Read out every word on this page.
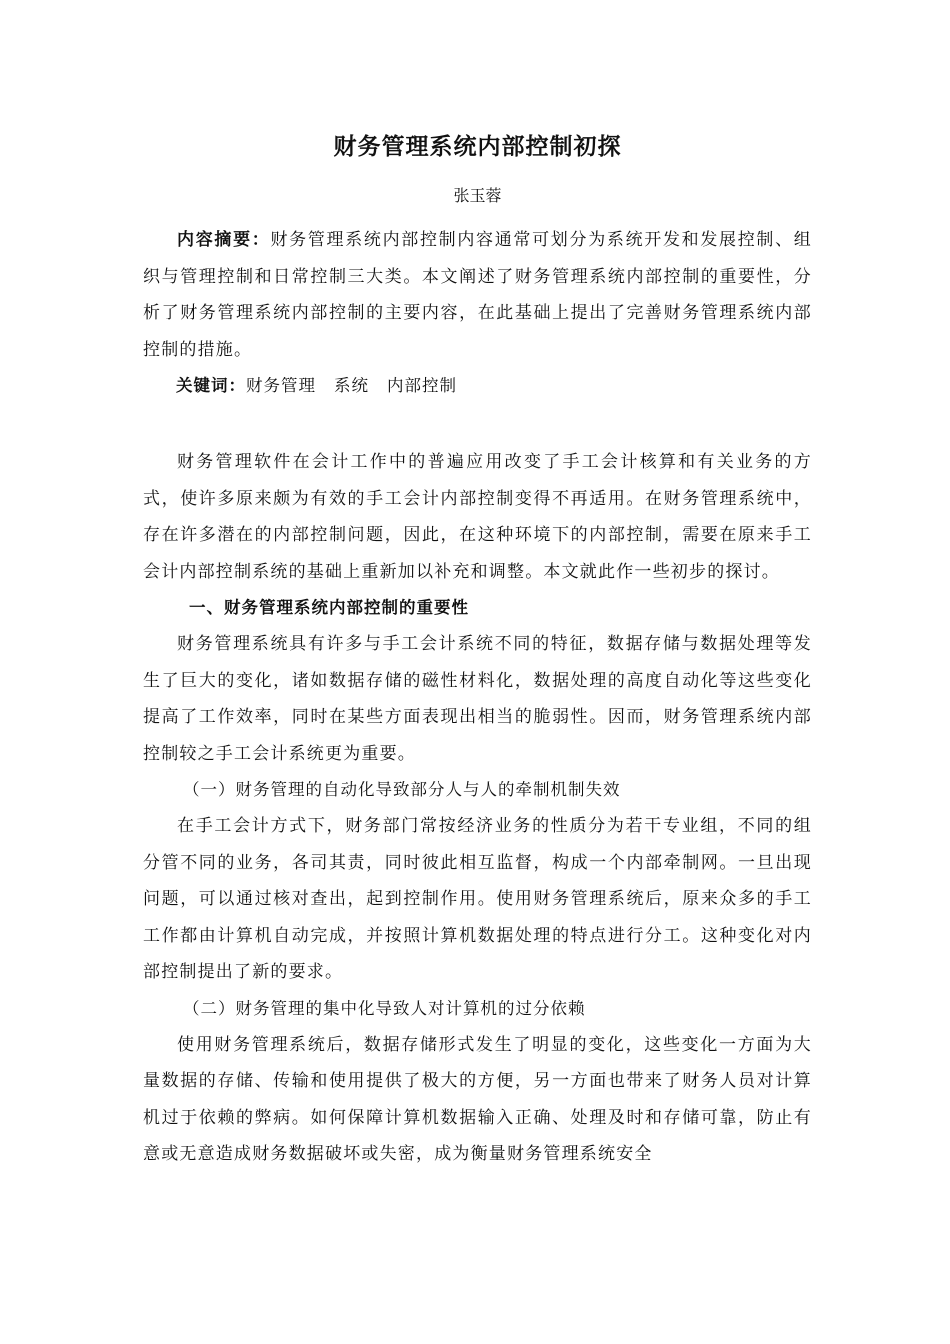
财务管理系统内部控制初探
张玉蓉

内容摘要：财务管理系统内部控制内容通常可划分为系统开发和发展控制、组织与管理控制和日常控制三大类。本文阐述了财务管理系统内部控制的重要性，分析了财务管理系统内部控制的主要内容，在此基础上提出了完善财务管理系统内部控制的措施。

关键词：财务管理 系统 内部控制

财务管理软件在会计工作中的普遍应用改变了手工会计核算和有关业务的方式，使许多原来颇为有效的手工会计内部控制变得不再适用。在财务管理系统中，存在许多潜在的内部控制问题，因此，在这种环境下的内部控制，需要在原来手工会计内部控制系统的基础上重新加以补充和调整。本文就此作一些初步的探讨。

一、财务管理系统内部控制的重要性

财务管理系统具有许多与手工会计系统不同的特征，数据存储与数据处理等发生了巨大的变化，诸如数据存储的磁性材料化，数据处理的高度自动化等这些变化提高了工作效率，同时在某些方面表现出相当的脆弱性。因而，财务管理系统内部控制较之手工会计系统更为重要。

（一）财务管理的自动化导致部分人与人的牵制机制失效

在手工会计方式下，财务部门常按经济业务的性质分为若干专业组，不同的组分管不同的业务，各司其责，同时彼此相互监督，构成一个内部牵制网。一旦出现问题，可以通过核对查出，起到控制作用。使用财务管理系统后，原来众多的手工工作都由计算机自动完成，并按照计算机数据处理的特点进行分工。这种变化对内部控制提出了新的要求。

（二）财务管理的集中化导致人对计算机的过分依赖

使用财务管理系统后，数据存储形式发生了明显的变化，这些变化一方面为大量数据的存储、传输和使用提供了极大的方便，另一方面也带来了财务人员对计算机过于依赖的弊病。如何保障计算机数据输入正确、处理及时和存储可靠，防止有意或无意造成财务数据破坏或失密，成为衡量财务管理系统安全
